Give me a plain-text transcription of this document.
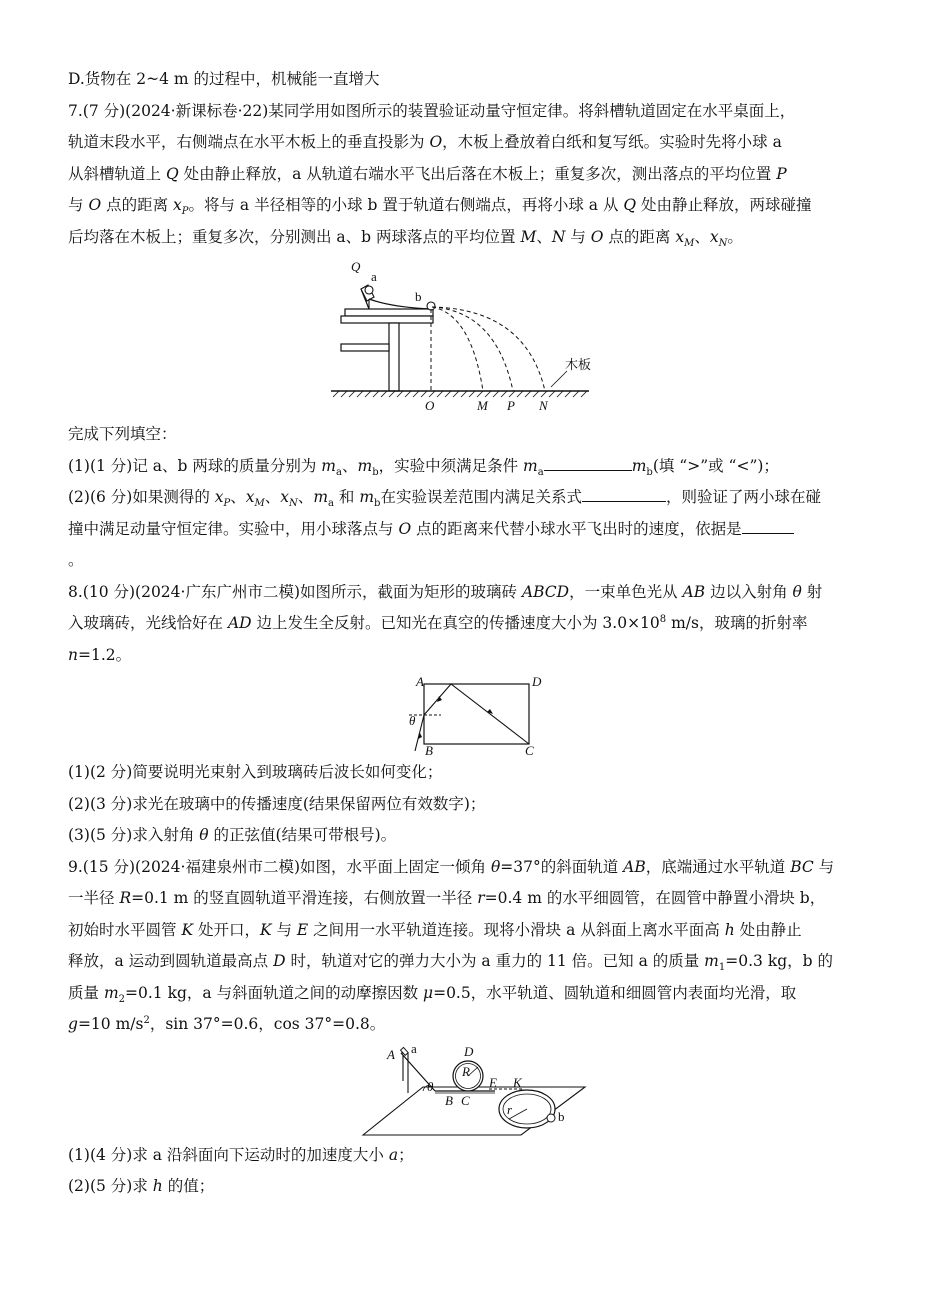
D.货物在 2~4 m 的过程中，机械能一直增大

7.(7 分)(2024·新课标卷·22)某同学用如图所示的装置验证动量守恒定律。将斜槽轨道固定在水平桌面上，
轨道末段水平，右侧端点在水平木板上的垂直投影为 O，木板上叠放着白纸和复写纸。实验时先将小球 a
从斜槽轨道上 Q 处由静止释放，a 从轨道右端水平飞出后落在木板上；重复多次，测出落点的平均位置 P
与 O 点的距离 $x_P$。将与 a 半径相等的小球 b 置于轨道右侧端点，再将小球 a 从 Q 处由静止释放，两球碰撞
后均落在木板上；重复多次，分别测出 a、b 两球落点的平均位置 M、N 与 O 点的距离 $x_M$、$x_N$。

Q
a
b
木板
O	M P N

完成下列填空：

(1)(1 分)记 a、b 两球的质量分别为 $m_a$、$m_b$，实验中须满足条件 $m_a$	$m_b$(填 “>”或 “<”)；

(2)(6 分)如果测得的 $x_P$、$x_M$、$x_N$、$m_a$ 和 $m_b$在实验误差范围内满足关系式	，则验证了两小球在碰
撞中满足动量守恒定律。实验中，用小球落点与 O 点的距离来代替小球水平飞出时的速度，依据是
。

8.(10 分)(2024·广东广州市二模)如图所示，截面为矩形的玻璃砖 ABCD，一束单色光从 AB 边以入射角 θ 射
入玻璃砖，光线恰好在 AD 边上发生全反射。已知光在真空的传播速度大小为 $3.0\times 10^8$ m/s，玻璃的折射率
n=1.2。

A	D
θ
B	C

(1)(2 分)简要说明光束射入到玻璃砖后波长如何变化；

(2)(3 分)求光在玻璃中的传播速度(结果保留两位有效数字)；

(3)(5 分)求入射角 θ 的正弦值(结果可带根号)。

9.(15 分)(2024·福建泉州市二模)如图，水平面上固定一倾角 θ=37°的斜面轨道 AB，底端通过水平轨道 BC 与
一半径 R=0.1 m 的竖直圆轨道平滑连接，右侧放置一半径 r=0.4 m 的水平细圆管，在圆管中静置小滑块 b，
初始时水平圆管 K 处开口，K 与 E 之间用一水平轨道连接。现将小滑块 a 从斜面上离水平面高 h 处由静止
释放，a 运动到圆轨道最高点 D 时，轨道对它的弹力大小为 a 重力的 11 倍。已知 a 的质量 $m_1=0.3$ kg，b 的
质量 $m_2=0.1$ kg，a 与斜面轨道之间的动摩擦因数 μ=0.5，水平轨道、圆轨道和细圆管内表面均光滑，取
g=10 $m/s^2$，sin 37°=0.6，cos 37°=0.8。

A a	D
R
E K
θ
B C
r	b

(1)(4 分)求 a 沿斜面向下运动时的加速度大小 a；

(2)(5 分)求 h 的值；
